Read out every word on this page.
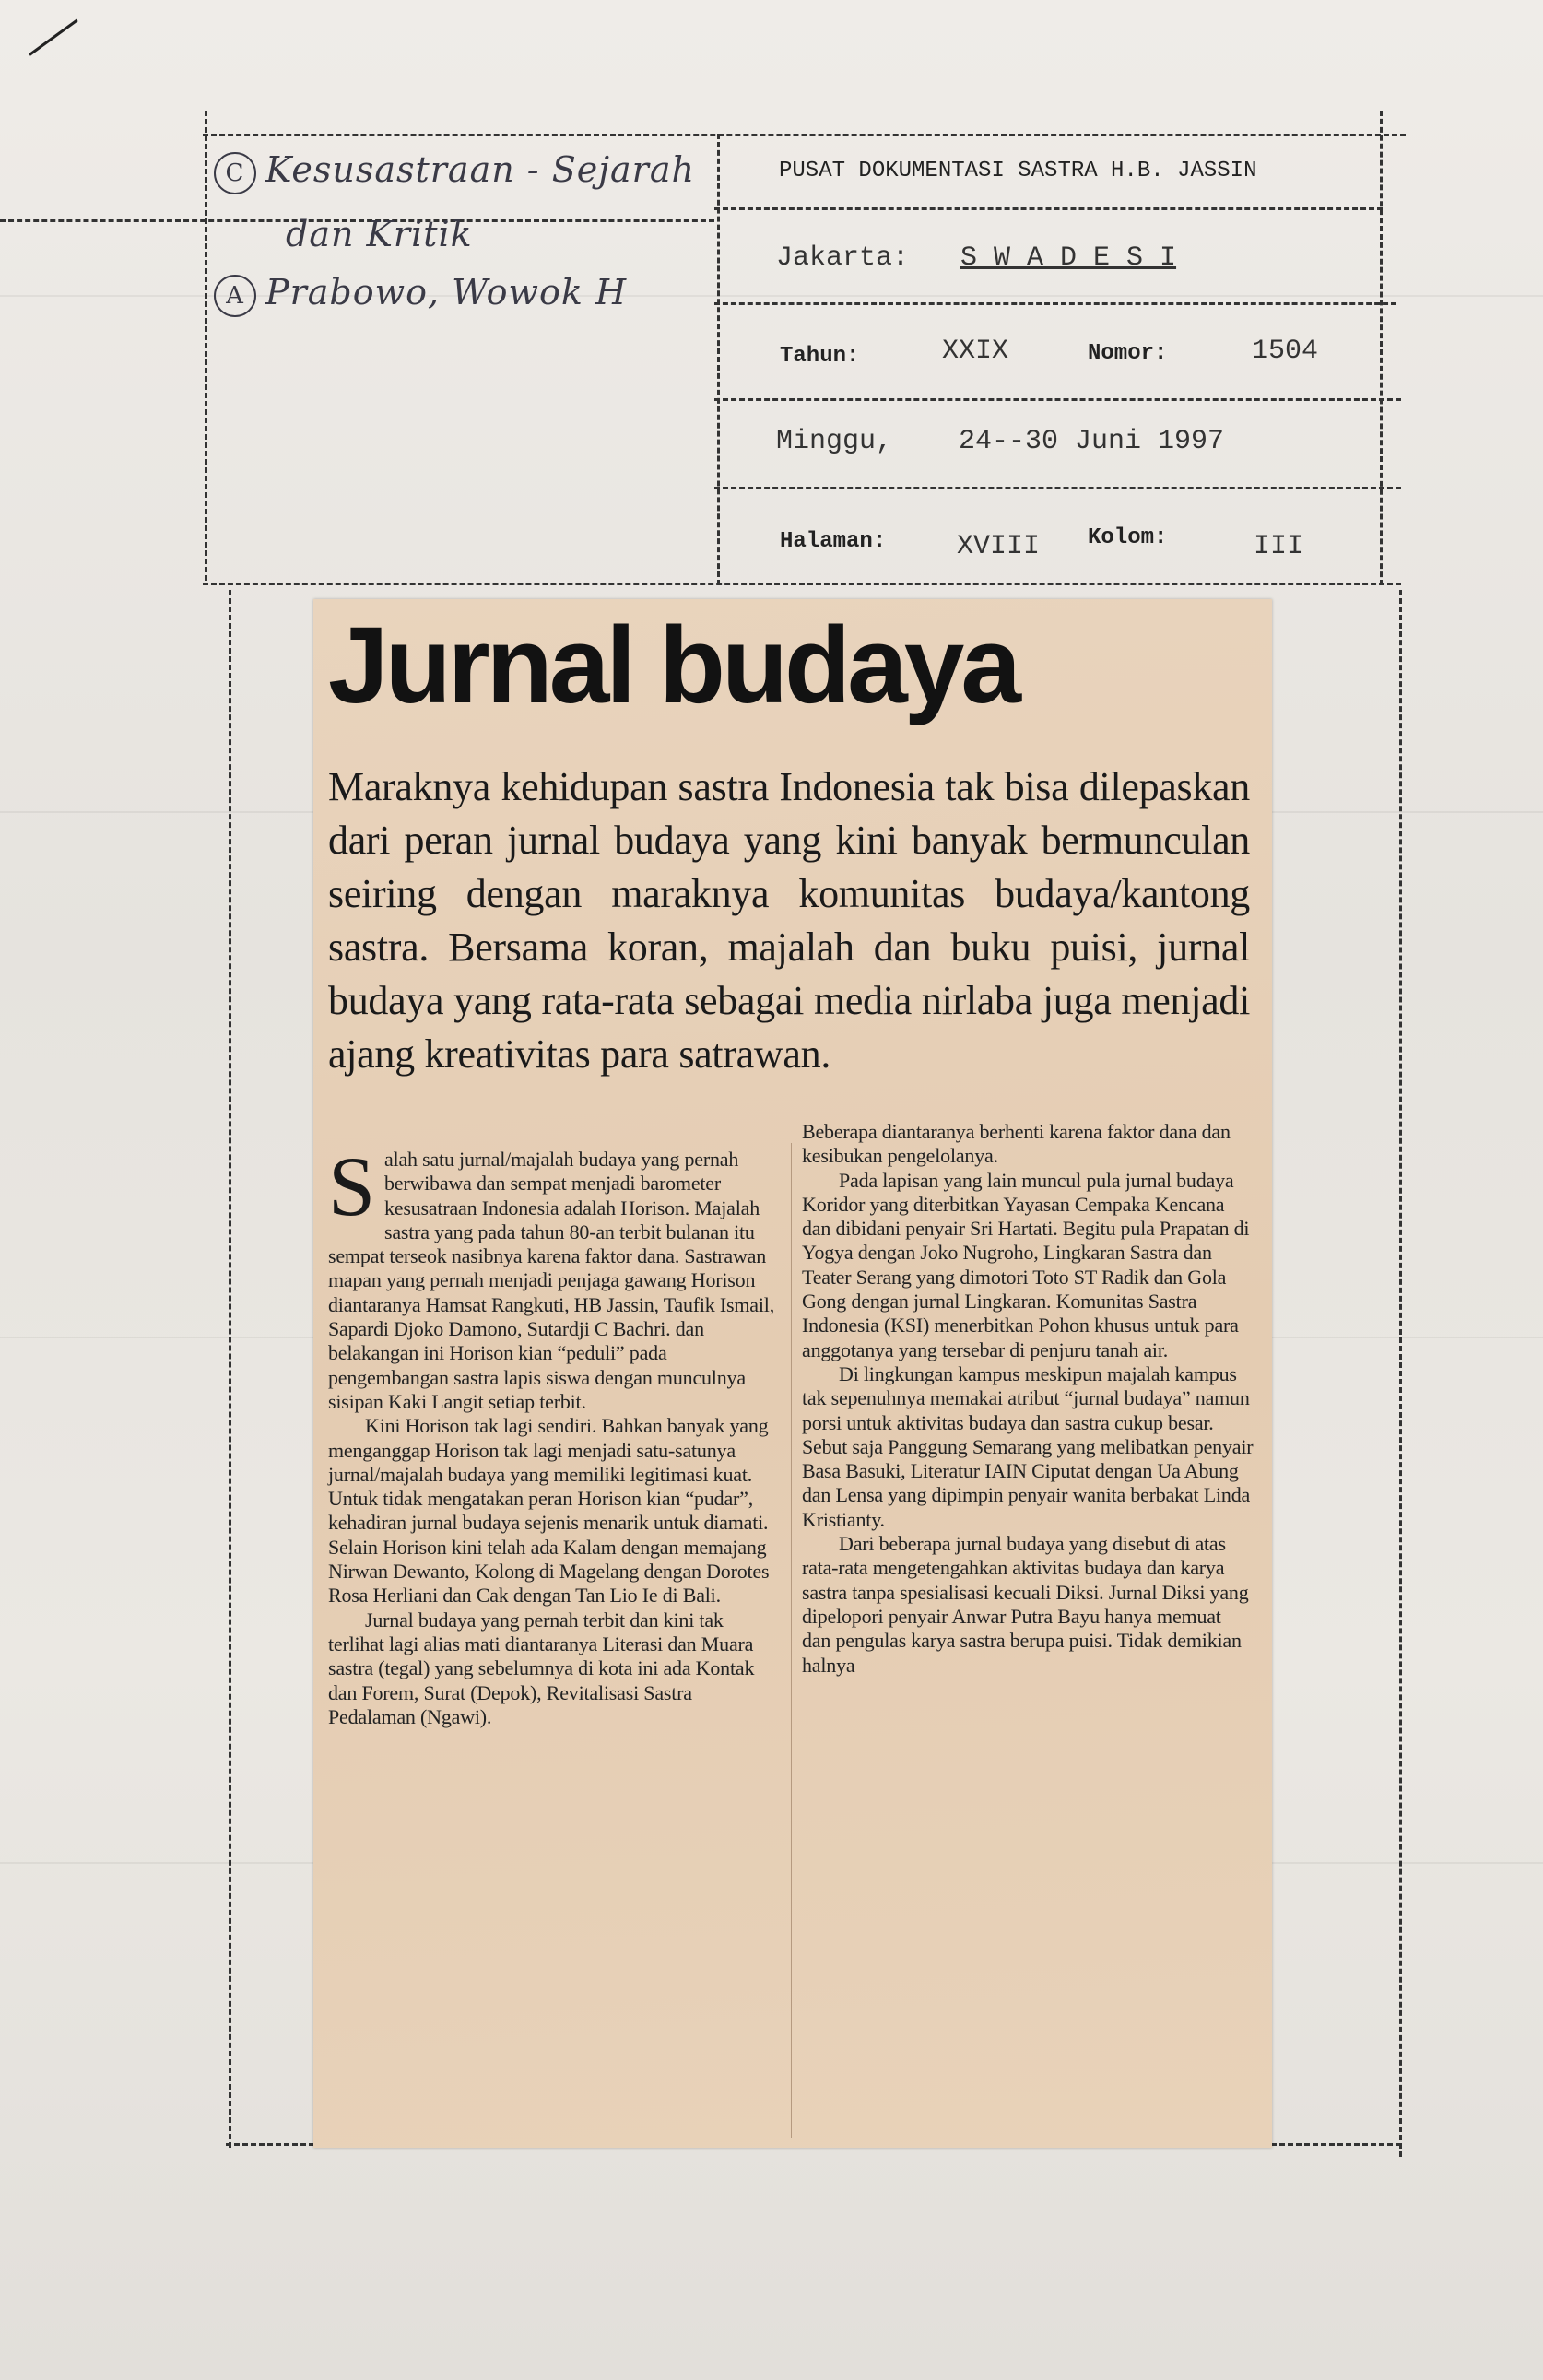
C Kesusastraan - Sejarah
dan Kritik
A Prabowo, Wowok H
PUSAT DOKUMENTASI SASTRA H.B. JASSIN
Jakarta: S W A D E S I
Tahun:	XXIX	Nomor:	1504
Minggu, 24--30 Juni 1997
Halaman:	XVIII Kolom:	III
Jurnal budaya

Maraknya kehidupan sastra Indonesia tak bisa dilepaskan dari peran jurnal budaya yang kini banyak bermunculan seiring dengan maraknya komunitas budaya/kantong sastra. Bersama koran, majalah dan buku puisi, jurnal budaya yang rata-rata sebagai media nirlaba juga menjadi ajang kreativitas para satrawan.

Salah satu jurnal/majalah budaya yang pernah berwibawa dan sempat menjadi barometer kesusatraan Indonesia adalah Horison. Majalah sastra yang pada tahun 80-an terbit bulanan itu sempat terseok nasibnya karena faktor dana. Sastrawan mapan yang pernah menjadi penjaga gawang Horison diantaranya Hamsat Rangkuti, HB Jassin, Taufik Ismail, Sapardi Djoko Damono, Sutardji C Bachri. dan belakangan ini Horison kian “peduli” pada pengembangan sastra lapis siswa dengan munculnya sisipan Kaki Langit setiap terbit.

Kini Horison tak lagi sendiri. Bahkan banyak yang menganggap Horison tak lagi menjadi satu-satunya jurnal/majalah budaya yang memiliki legitimasi kuat. Untuk tidak mengatakan peran Horison kian “pudar”, kehadiran jurnal budaya sejenis menarik untuk diamati. Selain Horison kini telah ada Kalam dengan memajang Nirwan Dewanto, Kolong di Magelang dengan Dorotes Rosa Herliani dan Cak dengan Tan Lio Ie di Bali.

Jurnal budaya yang pernah terbit dan kini tak terlihat lagi alias mati diantaranya Literasi dan Muara sastra (tegal) yang sebelumnya di kota ini ada Kontak dan Forem, Surat (Depok), Revitalisasi Sastra Pedalaman (Ngawi).

Beberapa diantaranya berhenti karena faktor dana dan kesibukan pengelolanya.

Pada lapisan yang lain muncul pula jurnal budaya Koridor yang diterbitkan Yayasan Cempaka Kencana dan dibidani penyair Sri Hartati. Begitu pula Prapatan di Yogya dengan Joko Nugroho, Lingkaran Sastra dan Teater Serang yang dimotori Toto ST Radik dan Gola Gong dengan jurnal Lingkaran. Komunitas Sastra Indonesia (KSI) menerbitkan Pohon khusus untuk para anggotanya yang tersebar di penjuru tanah air.

Di lingkungan kampus meskipun majalah kampus tak sepenuhnya memakai atribut “jurnal budaya” namun porsi untuk aktivitas budaya dan sastra cukup besar. Sebut saja Panggung Semarang yang melibatkan penyair Basa Basuki, Literatur IAIN Ciputat dengan Ua Abung dan Lensa yang dipimpin penyair wanita berbakat Linda Kristianty.

Dari beberapa jurnal budaya yang disebut di atas rata-rata mengetengahkan aktivitas budaya dan karya sastra tanpa spesialisasi kecuali Diksi. Jurnal Diksi yang dipelopori penyair Anwar Putra Bayu hanya memuat dan pengulas karya sastra berupa puisi. Tidak demikian halnya
